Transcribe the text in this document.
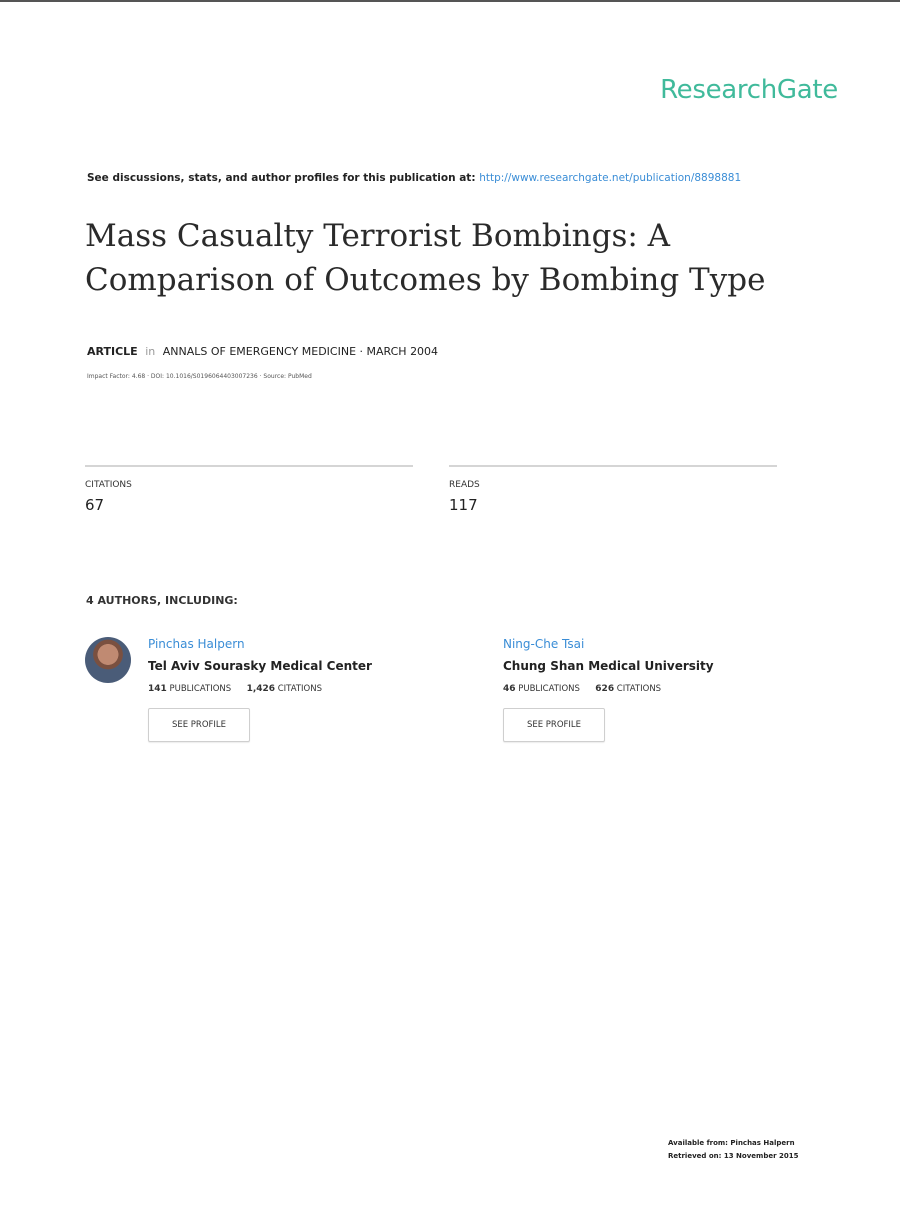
ResearchGate
See discussions, stats, and author profiles for this publication at: http://www.researchgate.net/publication/8898881
Mass Casualty Terrorist Bombings: A Comparison of Outcomes by Bombing Type
ARTICLE in ANNALS OF EMERGENCY MEDICINE · MARCH 2004
Impact Factor: 4.68 · DOI: 10.1016/S0196064403007236 · Source: PubMed
CITATIONS
67
READS
117
4 AUTHORS, INCLUDING:
Pinchas Halpern
Tel Aviv Sourasky Medical Center
141 PUBLICATIONS 1,426 CITATIONS
SEE PROFILE
Ning-Che Tsai
Chung Shan Medical University
46 PUBLICATIONS 626 CITATIONS
SEE PROFILE
Available from: Pinchas Halpern
Retrieved on: 13 November 2015
